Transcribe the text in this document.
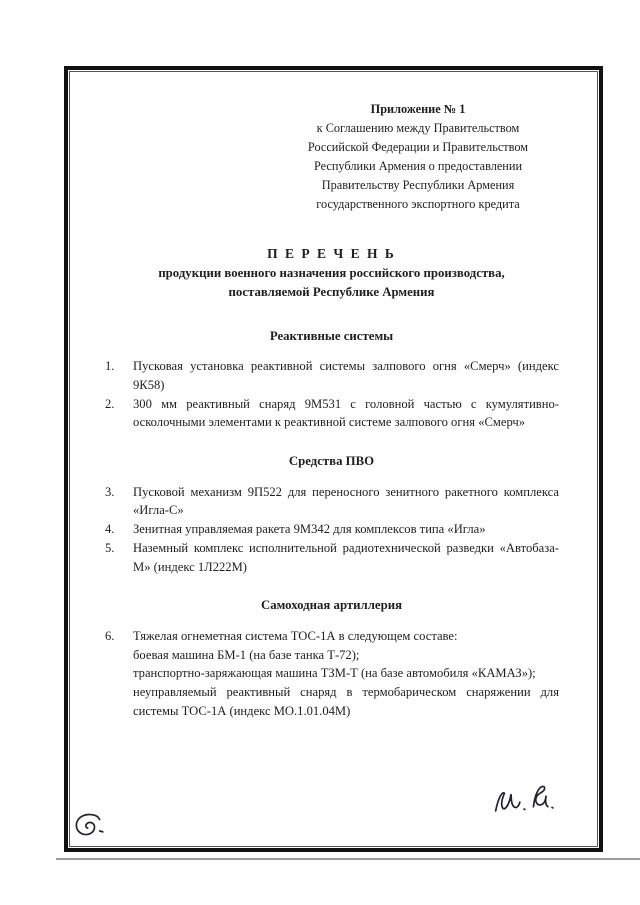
Приложение № 1
к Соглашению между Правительством
Российской Федерации и Правительством
Республики Армения о предоставлении
Правительству Республики Армения
государственного экспортного кредита
П Е Р Е Ч Е Н Ь
продукции военного назначения российского производства,
поставляемой Республике Армения
Реактивные системы
1. Пусковая установка реактивной системы залпового огня «Смерч» (индекс 9К58)
2. 300 мм реактивный снаряд 9М531 с головной частью с кумулятивно-осколочными элементами к реактивной системе залпового огня «Смерч»
Средства ПВО
3. Пусковой механизм 9П522 для переносного зенитного ракетного комплекса «Игла-С»
4. Зенитная управляемая ракета 9М342 для комплексов типа «Игла»
5. Наземный комплекс исполнительной радиотехнической разведки «Автобаза-М» (индекс 1Л222М)
Самоходная артиллерия
6. Тяжелая огнеметная система ТОС-1А в следующем составе:
боевая машина БМ-1 (на базе танка Т-72);
транспортно-заряжающая машина ТЗМ-Т (на базе автомобиля «КАМАЗ»);
неуправляемый реактивный снаряд в термобарическом снаряжении для системы ТОС-1А (индекс МО.1.01.04М)
